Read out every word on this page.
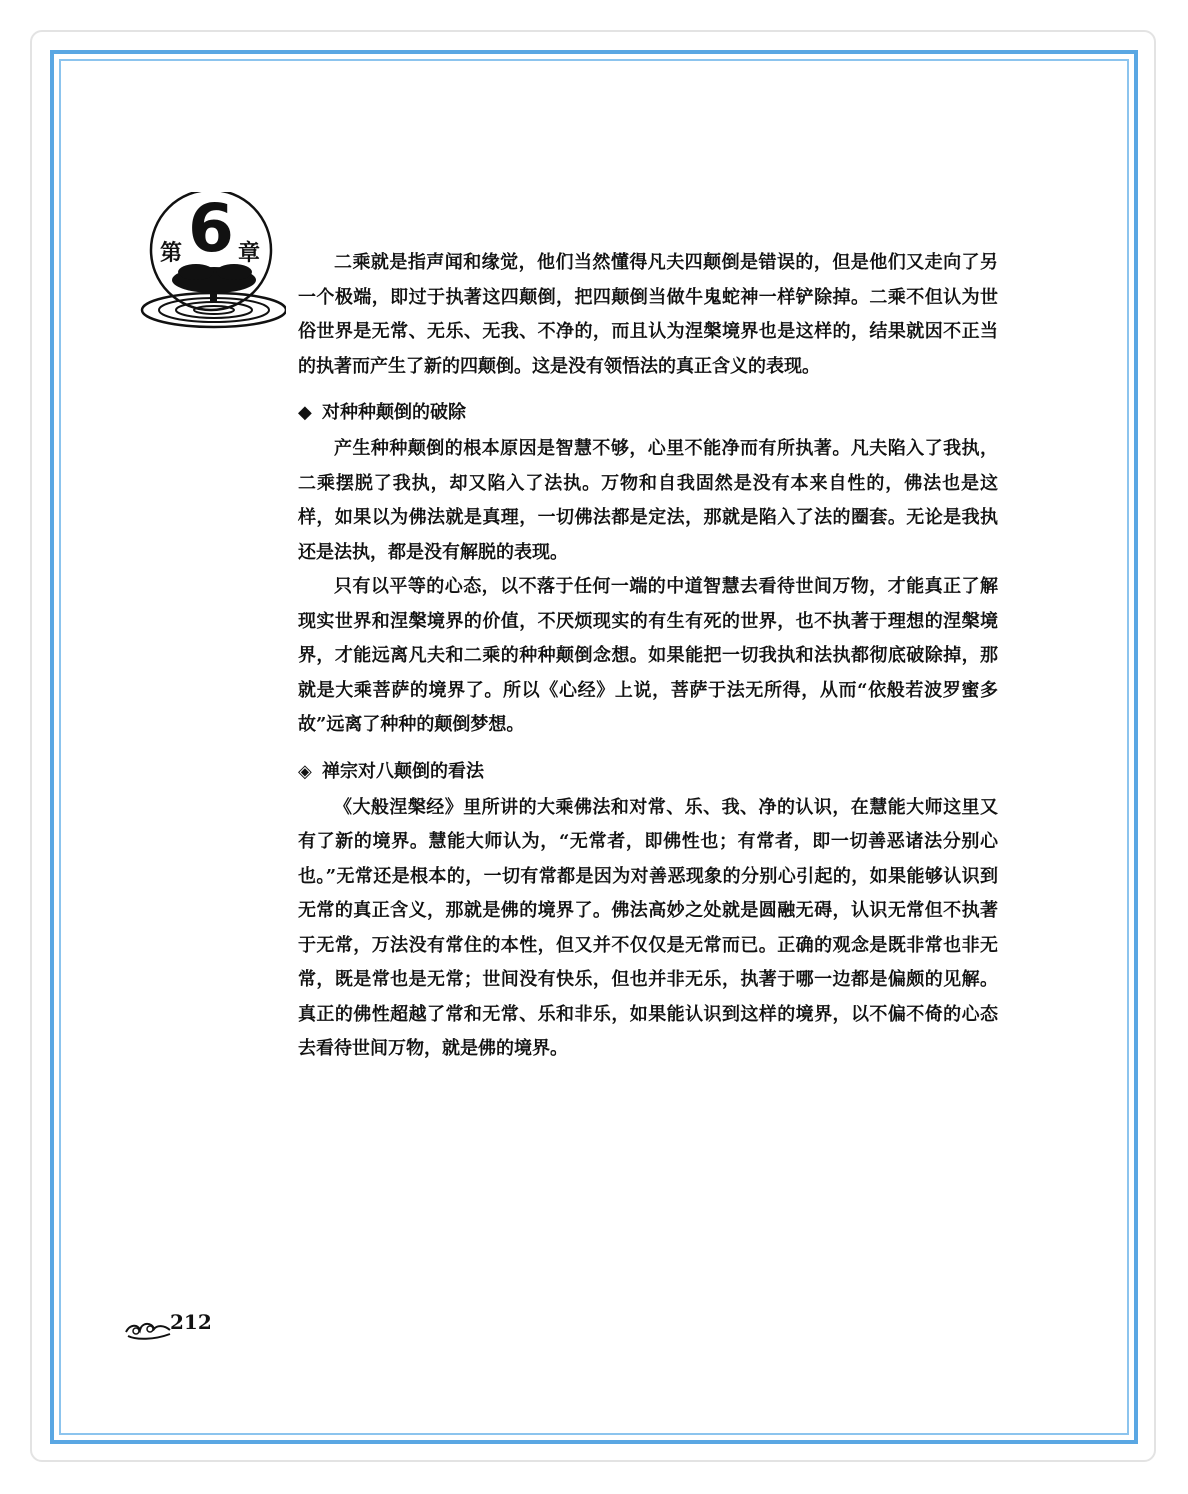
第 6 章	二乘就是指声闻和缘觉，他们当然懂得凡夫四颠倒是错误的，但是他们又走向了另一个极端，即过于执著这四颠倒，把四颠倒当做牛鬼蛇神一样铲除掉。二乘不但认为世俗世界是无常、无乐、无我、不净的，而且认为涅槃境界也是这样的，结果就因不正当的执著而产生了新的四颠倒。这是没有领悟法的真正含义的表现。

◆ 对种种颠倒的破除

产生种种颠倒的根本原因是智慧不够，心里不能净而有所执著。凡夫陷入了我执，二乘摆脱了我执，却又陷入了法执。万物和自我固然是没有本来自性的，佛法也是这样，如果以为佛法就是真理，一切佛法都是定法，那就是陷入了法的圈套。无论是我执还是法执，都是没有解脱的表现。

只有以平等的心态，以不落于任何一端的中道智慧去看待世间万物，才能真正了解现实世界和涅槃境界的价值，不厌烦现实的有生有死的世界，也不执著于理想的涅槃境界，才能远离凡夫和二乘的种种颠倒念想。如果能把一切我执和法执都彻底破除掉，那就是大乘菩萨的境界了。所以《心经》上说，菩萨于法无所得，从而“依般若波罗蜜多故”远离了种种的颠倒梦想。

◈ 禅宗对八颠倒的看法

《大般涅槃经》里所讲的大乘佛法和对常、乐、我、净的认识，在慧能大师这里又有了新的境界。慧能大师认为，“无常者，即佛性也；有常者，即一切善恶诸法分别心也。”无常还是根本的，一切有常都是因为对善恶现象的分别心引起的，如果能够认识到无常的真正含义，那就是佛的境界了。佛法高妙之处就是圆融无碍，认识无常但不执著于无常，万法没有常住的本性，但又并不仅仅是无常而已。正确的观念是既非常也非无常，既是常也是无常；世间没有快乐，但也并非无乐，执著于哪一边都是偏颇的见解。真正的佛性超越了常和无常、乐和非乐，如果能认识到这样的境界，以不偏不倚的心态去看待世间万物，就是佛的境界。

212
